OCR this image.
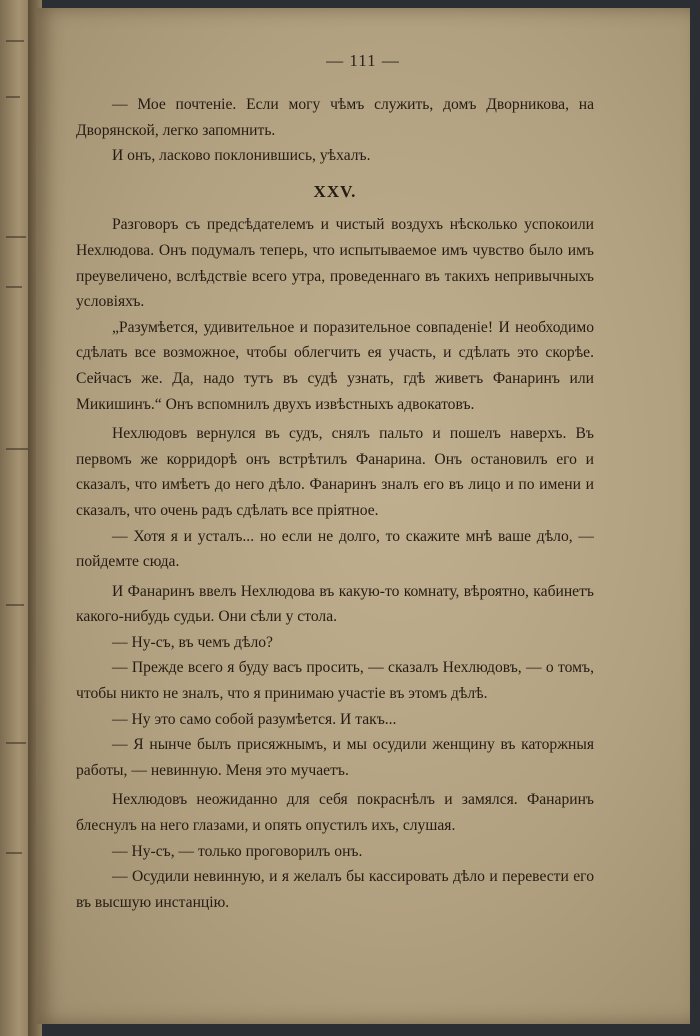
— 111 —

— Мое почтеніе. Если могу чѣмъ служить, домъ Дворникова, на Дворянской, легко запомнить.

И онъ, ласково поклонившись, уѣхалъ.

XXV.

Разговоръ съ предсѣдателемъ и чистый воздухъ нѣсколько успокоили Нехлюдова. Онъ подумалъ теперь, что испытываемое имъ чувство было имъ преувеличено, вслѣдствіе всего утра, проведеннаго въ такихъ непривычныхъ условіяхъ.

„Разумѣется, удивительное и поразительное совпаденіе! И необходимо сдѣлать все возможное, чтобы облегчить ея участь, и сдѣлать это скорѣе. Сейчасъ же. Да, надо тутъ въ судѣ узнать, гдѣ живетъ Фанаринъ или Микишинъ.“ Онъ вспомнилъ двухъ извѣстныхъ адвокатовъ.

Нехлюдовъ вернулся въ судъ, снялъ пальто и пошелъ наверхъ. Въ первомъ же корридорѣ онъ встрѣтилъ Фанарина. Онъ остановилъ его и сказалъ, что имѣетъ до него дѣло. Фанаринъ зналъ его въ лицо и по имени и сказалъ, что очень радъ сдѣлать все пріятное.

— Хотя я и усталъ... но если не долго, то скажите мнѣ ваше дѣло, — пойдемте сюда.

И Фанаринъ ввелъ Нехлюдова въ какую-то комнату, вѣроятно, кабинетъ какого-нибудь судьи. Они сѣли у стола.

— Ну-съ, въ чемъ дѣло?

— Прежде всего я буду васъ просить, — сказалъ Нехлюдовъ, — о томъ, чтобы никто не зналъ, что я принимаю участіе въ этомъ дѣлѣ.

— Ну это само собой разумѣется. И такъ...

— Я нынче былъ присяжнымъ, и мы осудили женщину въ каторжныя работы, — невинную. Меня это мучаетъ.

Нехлюдовъ неожиданно для себя покраснѣлъ и замялся. Фанаринъ блеснулъ на него глазами, и опять опустилъ ихъ, слушая.

— Ну-съ, — только проговорилъ онъ.

— Осудили невинную, и я желалъ бы кассировать дѣло и перевести его въ высшую инстанцію.
